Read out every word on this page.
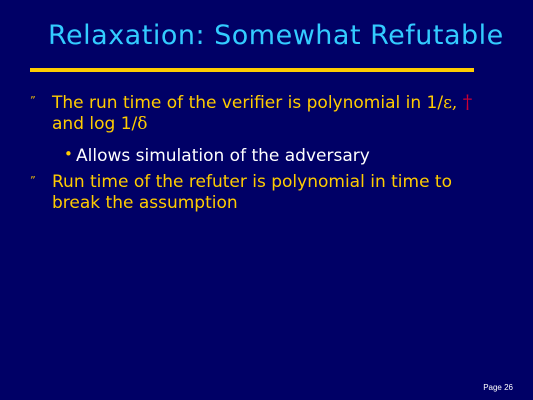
Relaxation: Somewhat Refutable
” The run time of the verifier is polynomial in 1/ε, †
and log 1/δ
• Allows simulation of the adversary
” Run time of the refuter is polynomial in time to break the assumption
Page 26
